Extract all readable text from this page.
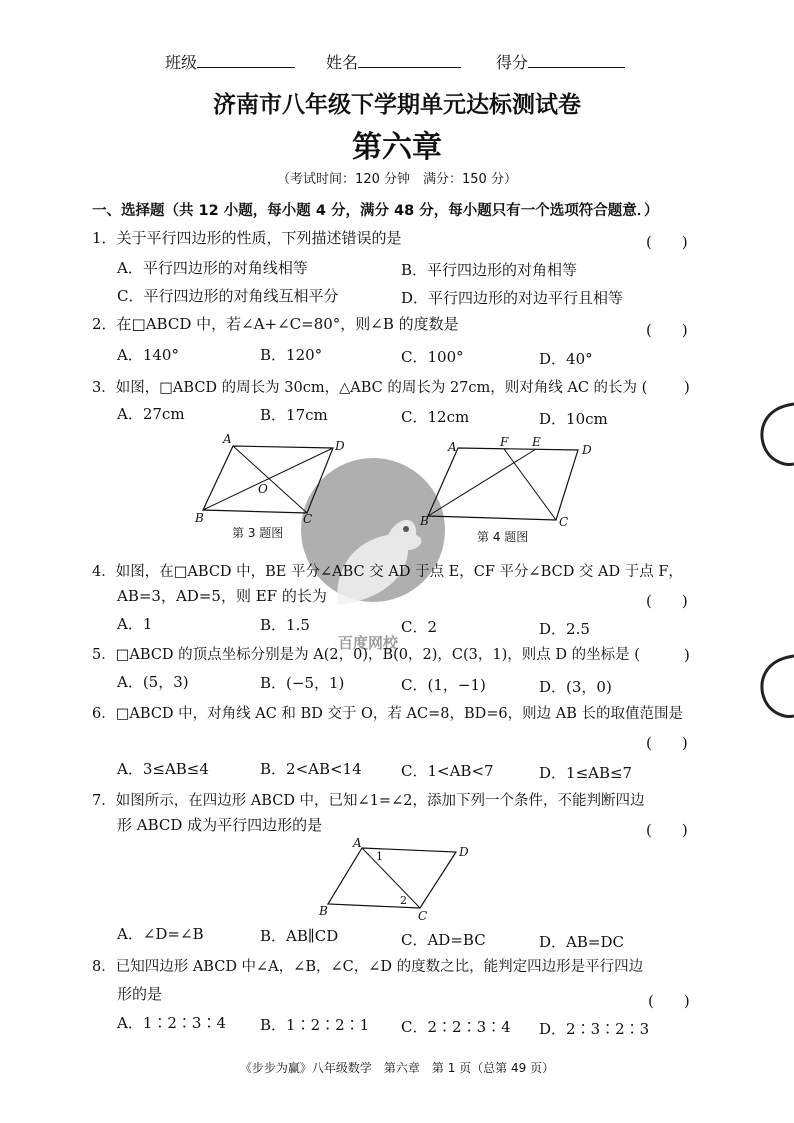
班级	姓名	得分
济南市八年级下学期单元达标测试卷
第六章
（考试时间：120 分钟　满分：150 分）
一、选择题（共 12 小题，每小题 4 分，满分 48 分，每小题只有一个选项符合题意．）
1．关于平行四边形的性质，下列描述错误的是	(　　)
A．平行四边形的对角线相等	B．平行四边形的对角相等
C．平行四边形的对角线互相平分	D．平行四边形的对边平行且相等
2．在□ABCD 中，若∠A+∠C=80°，则∠B 的度数是	(　　)
A．140°	B．120°	C．100°	D．40°
3．如图，□ABCD 的周长为 30cm，△ABC 的周长为 27cm，则对角线 AC 的长为 ( )
A．27cm	B．17cm	C．12cm	D．10cm
百度网校
A	D
B	C
O
第 3 题图
A	F E
D
B	C
第 4 题图
4．如图，在□ABCD 中，BE 平分∠ABC 交 AD 于点 E，CF 平分∠BCD 交 AD 于点 F，
AB=3，AD=5，则 EF 的长为	(　　)
A．1	B．1.5	C．2	D．2.5
5．□ABCD 的顶点坐标分别是为 A(2，0)，B(0，2)，C(3，1)，则点 D 的坐标是 (	)
A．(5，3)	B．(−5，1)	C．(1，−1)	D．(3，0)
6．□ABCD 中，对角线 AC 和 BD 交于 O，若 AC=8，BD=6，则边 AB 长的取值范围是
(　　)
A．3≤AB≤4	B．2<AB<14	C．1<AB<7	D．1≤AB≤7
7．如图所示，在四边形 ABCD 中，已知∠1=∠2，添加下列一个条件，不能判断四边
形 ABCD 成为平行四边形的是	(　　)
A
D
B	C
1
2
A．∠D=∠B	B．AB∥CD	C．AD=BC	D．AB=DC
8．已知四边形 ABCD 中∠A，∠B，∠C，∠D 的度数之比，能判定四边形是平行四边
形的是	(　　)
A．1∶2∶3∶4 B．1∶2∶2∶1 C．2∶2∶3∶4 D．2∶3∶2∶3
《步步为赢》八年级数学　第六章　第 1 页（总第 49 页）
